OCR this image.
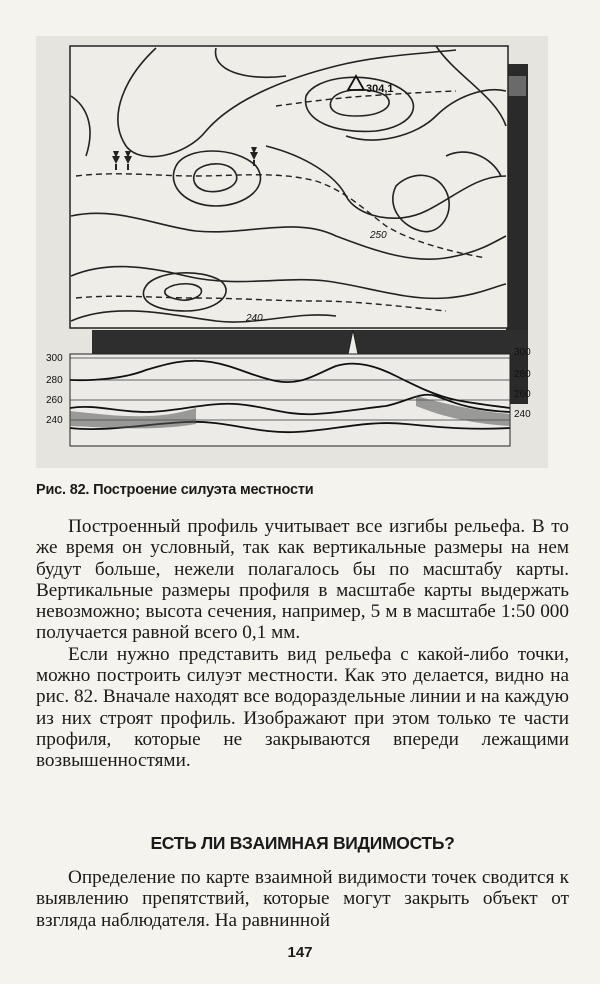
304,1
250
240
300
280
260
240
300
280
260
240
Рис. 82. Построение силуэта местности

Построенный профиль учитывает все изгибы рельефа. В то же время он условный, так как вертикальные размеры на нем будут больше, нежели полагалось бы по масштабу карты. Вертикальные размеры профиля в масштабе карты выдержать невозможно; высота сечения, например, 5 м в масштабе 1:50 000 получается равной всего 0,1 мм.

Если нужно представить вид рельефа с какой-либо точки, можно построить силуэт местности. Как это делается, видно на рис. 82. Вначале находят все водораздельные линии и на каждую из них строят профиль. Изображают при этом только те части профиля, которые не закрываются впереди лежащими возвышенностями.

ЕСТЬ ЛИ ВЗАИМНАЯ ВИДИМОСТЬ?

Определение по карте взаимной видимости точек сводится к выявлению препятствий, которые могут закрыть объект от взгляда наблюдателя. На равнинной

147
